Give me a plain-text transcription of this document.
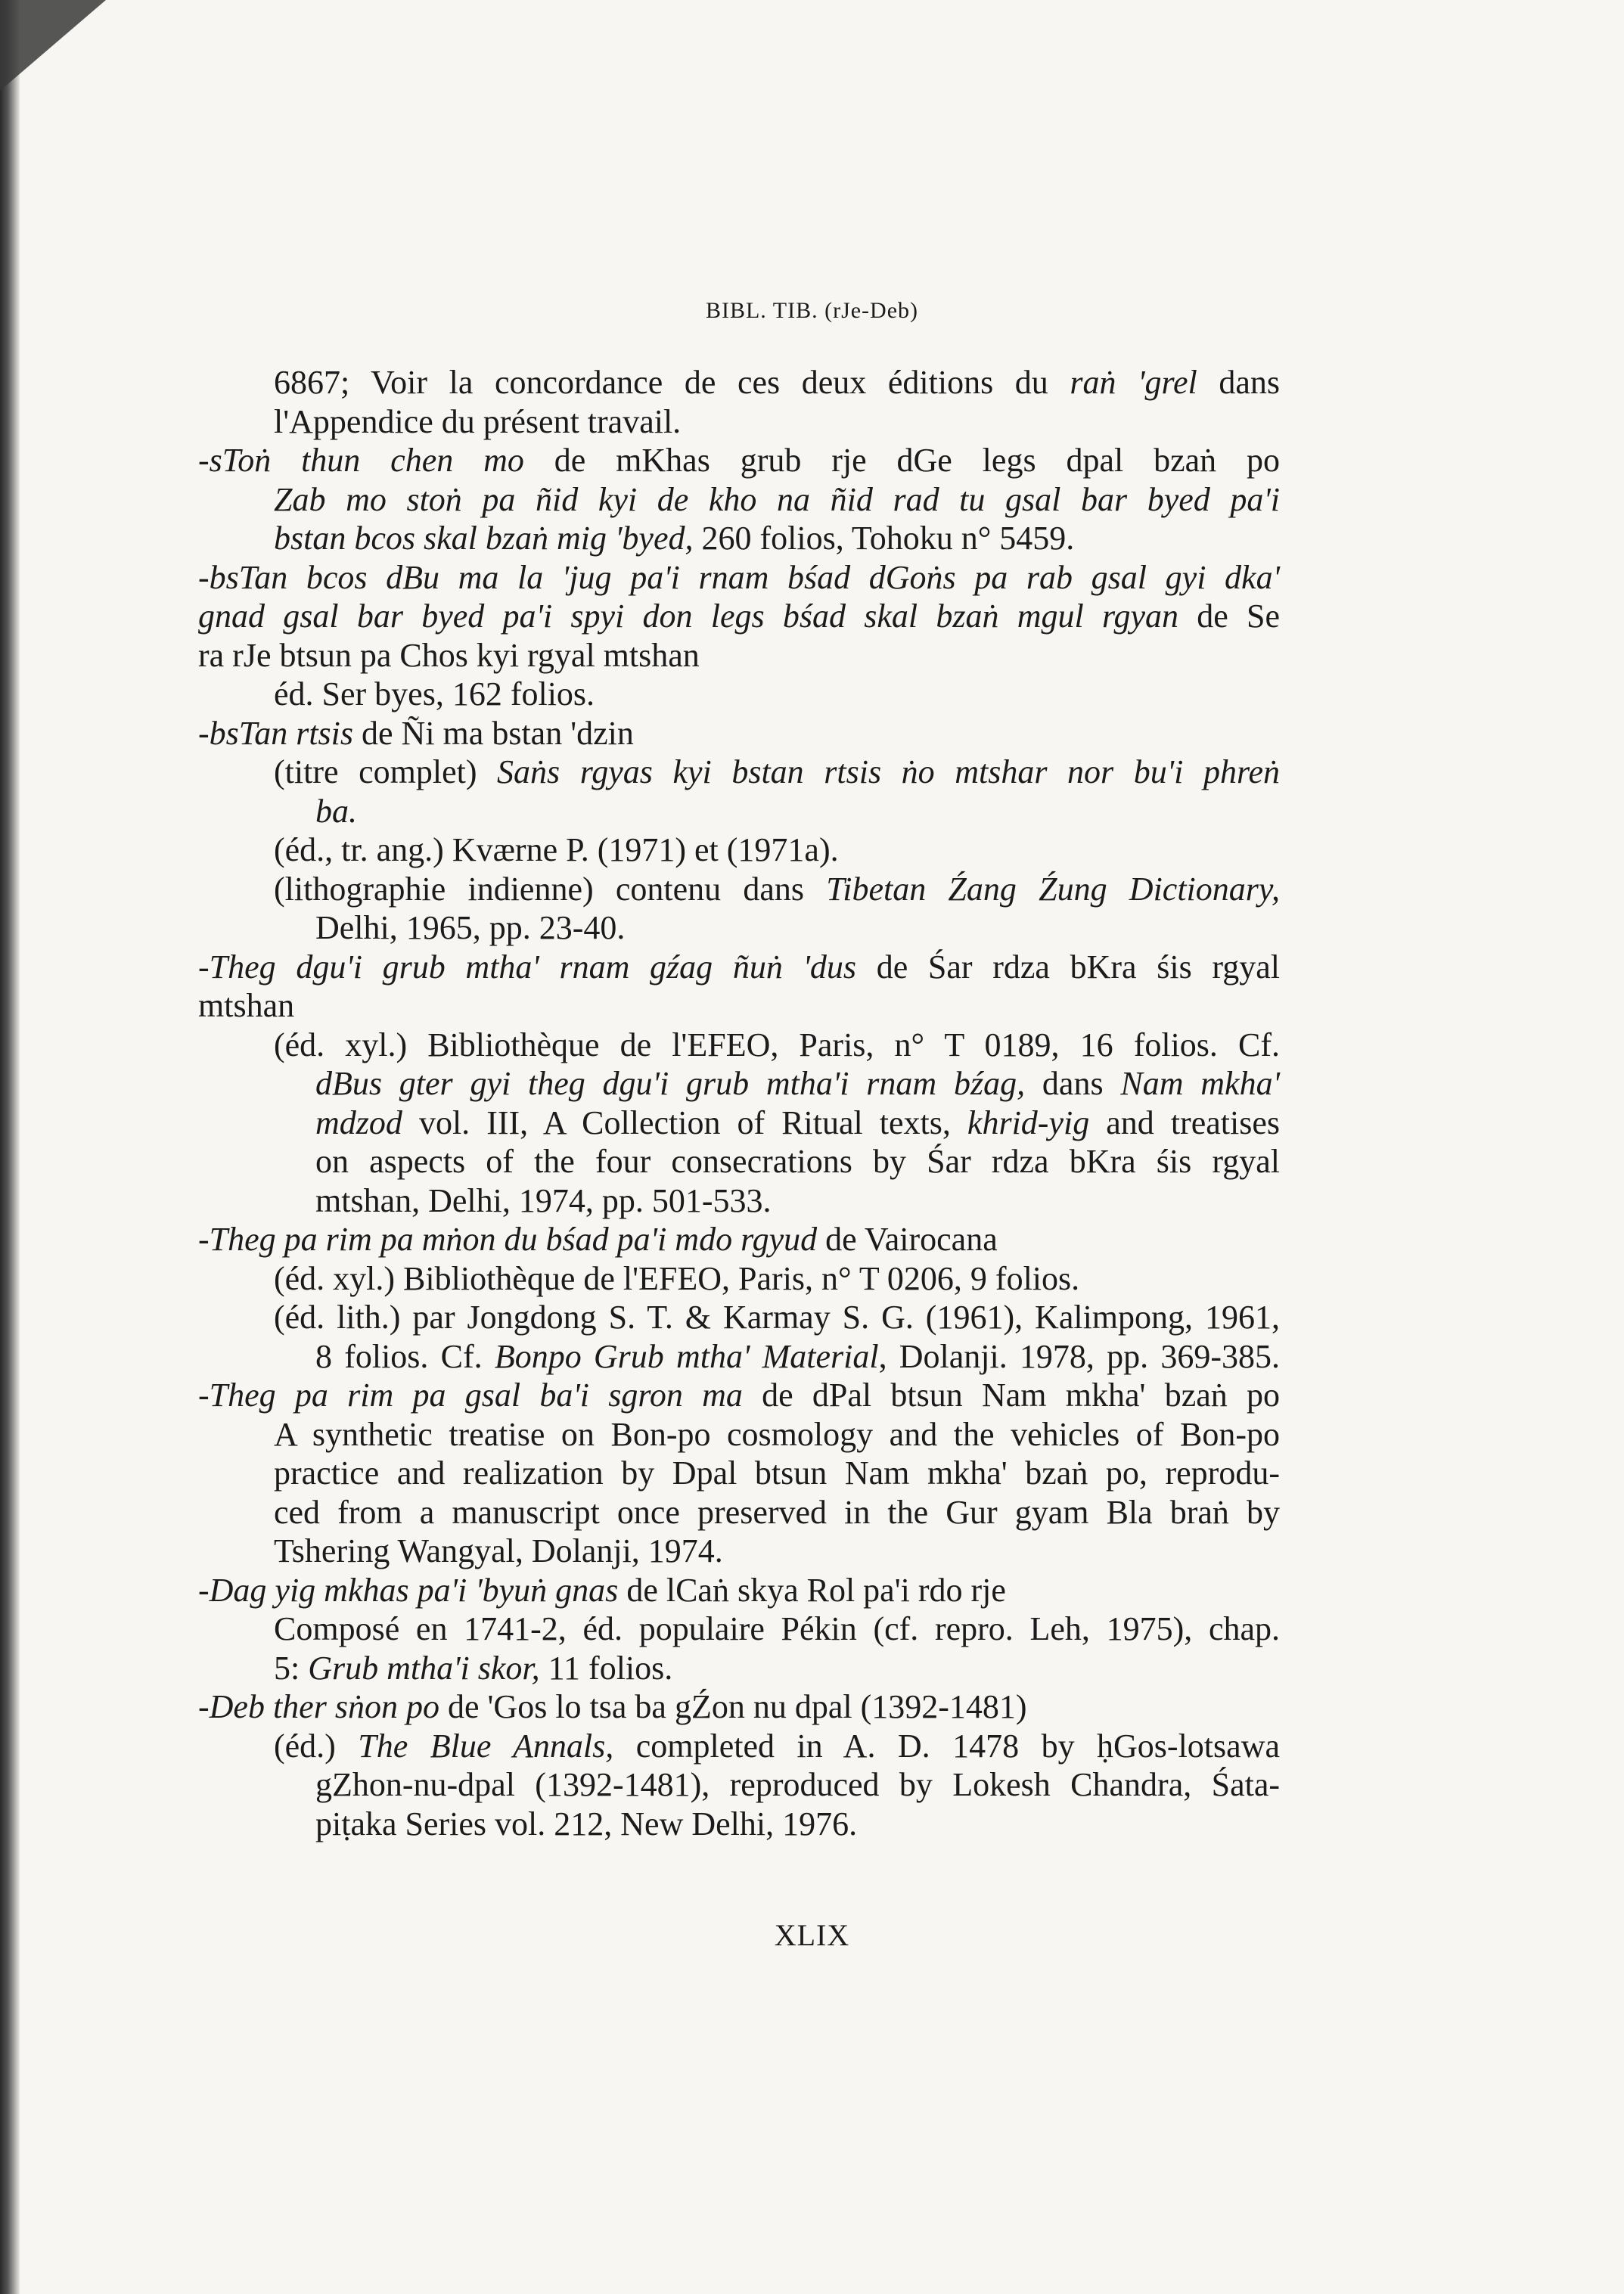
BIBL. TIB. (rJe-Deb)
6867; Voir la concordance de ces deux éditions du raṅ 'grel dans
l'Appendice du présent travail.
-sToṅ thun chen mo de mKhas grub rje dGe legs dpal bzaṅ po
Zab mo stoṅ pa ñid kyi de kho na ñid rad tu gsal bar byed pa'i
bstan bcos skal bzaṅ mig 'byed, 260 folios, Tohoku n° 5459.
-bsTan bcos dBu ma la 'jug pa'i rnam bśad dGoṅs pa rab gsal gyi dka'
gnad gsal bar byed pa'i spyi don legs bśad skal bzaṅ mgul rgyan de Se
ra rJe btsun pa Chos kyi rgyal mtshan
éd. Ser byes, 162 folios.
-bsTan rtsis de Ñi ma bstan 'dzin
(titre complet) Saṅs rgyas kyi bstan rtsis ṅo mtshar nor bu'i phreṅ
ba.
(éd., tr. ang.) Kværne P. (1971) et (1971a).
(lithographie indienne) contenu dans Tibetan Źang Źung Dictionary,
Delhi, 1965, pp. 23-40.
-Theg dgu'i grub mtha' rnam gźag ñuṅ 'dus de Śar rdza bKra śis rgyal
mtshan
(éd. xyl.) Bibliothèque de l'EFEO, Paris, n° T 0189, 16 folios. Cf.
dBus gter gyi theg dgu'i grub mtha'i rnam bźag, dans Nam mkha'
mdzod vol. III, A Collection of Ritual texts, khrid-yig and treatises
on aspects of the four consecrations by Śar rdza bKra śis rgyal
mtshan, Delhi, 1974, pp. 501-533.
-Theg pa rim pa mṅon du bśad pa'i mdo rgyud de Vairocana
(éd. xyl.) Bibliothèque de l'EFEO, Paris, n° T 0206, 9 folios.
(éd. lith.) par Jongdong S. T. & Karmay S. G. (1961), Kalimpong, 1961,
8 folios. Cf. Bonpo Grub mtha' Material, Dolanji. 1978, pp. 369-385.
-Theg pa rim pa gsal ba'i sgron ma de dPal btsun Nam mkha' bzaṅ po
A synthetic treatise on Bon-po cosmology and the vehicles of Bon-po
practice and realization by Dpal btsun Nam mkha' bzaṅ po, reprodu-
ced from a manuscript once preserved in the Gur gyam Bla braṅ by
Tshering Wangyal, Dolanji, 1974.
-Dag yig mkhas pa'i 'byuṅ gnas de lCaṅ skya Rol pa'i rdo rje
Composé en 1741-2, éd. populaire Pékin (cf. repro. Leh, 1975), chap.
5: Grub mtha'i skor, 11 folios.
-Deb ther sṅon po de 'Gos lo tsa ba gŹon nu dpal (1392-1481)
(éd.) The Blue Annals, completed in A. D. 1478 by ḥGos-lotsawa
gZhon-nu-dpal (1392-1481), reproduced by Lokesh Chandra, Śata-
piṭaka Series vol. 212, New Delhi, 1976.
XLIX
